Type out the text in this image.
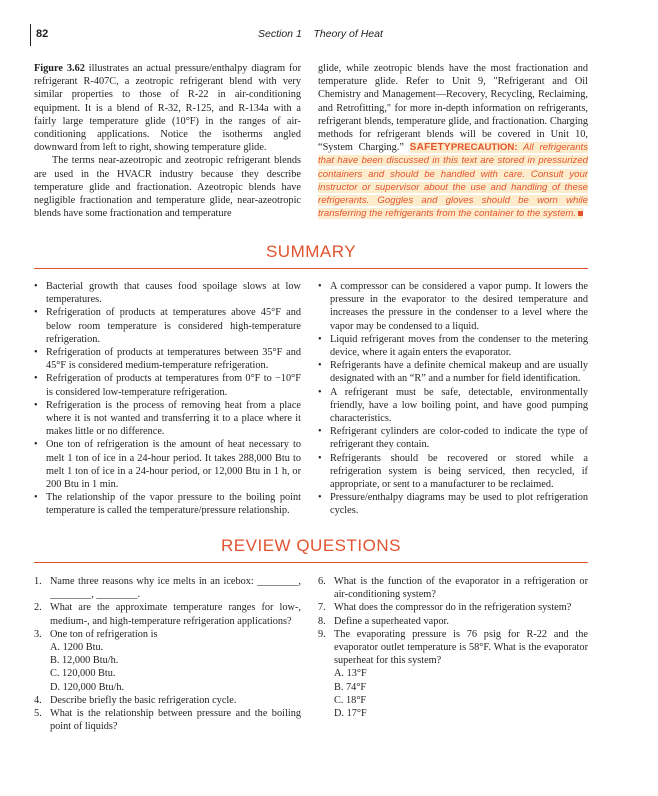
82	Section 1    Theory of Heat

Figure 3.62 illustrates an actual pressure/enthalpy diagram for refrigerant R-407C, a zeotropic refrigerant blend with very similar properties to those of R-22 in air-conditioning equipment. It is a blend of R-32, R-125, and R-134a with a fairly large temperature glide (10°F) in the ranges of air-conditioning applications. Notice the isotherms angled downward from left to right, showing temperature glide.

The terms near-azeotropic and zeotropic refrigerant blends are used in the HVACR industry because they describe temperature glide and fractionation. Azeotropic blends have negligible fractionation and temperature glide, near-azeotropic blends have some fractionation and temperature

glide, while zeotropic blends have the most fractionation and temperature glide. Refer to Unit 9, "Refrigerant and Oil Chemistry and Management—Recovery, Recycling, Reclaiming, and Retrofitting," for more in-depth information on refrigerants, refrigerant blends, temperature glide, and fractionation. Charging methods for refrigerant blends will be covered in Unit 10, “System Charging.” SAFETYPRECAUTION: All refrigerants that have been discussed in this text are stored in pressurized containers and should be handled with care. Consult your instructor or supervisor about the use and handling of these refrigerants. Goggles and gloves should be worn while transferring the refrigerants from the container to the system.

SUMMARY
• Bacterial growth that causes food spoilage slows at low temperatures.
• Refrigeration of products at temperatures above 45°F and below room temperature is considered high-temperature refrigeration.
• Refrigeration of products at temperatures between 35°F and 45°F is considered medium-temperature refrigeration.
• Refrigeration of products at temperatures from 0°F to −10°F is considered low-temperature refrigeration.
• Refrigeration is the process of removing heat from a place where it is not wanted and transferring it to a place where it makes little or no difference.
• One ton of refrigeration is the amount of heat necessary to melt 1 ton of ice in a 24-hour period. It takes 288,000 Btu to melt 1 ton of ice in a 24-hour period, or 12,000 Btu in 1 h, or 200 Btu in 1 min.
• The relationship of the vapor pressure to the boiling point temperature is called the temperature/pressure relationship.
• A compressor can be considered a vapor pump. It lowers the pressure in the evaporator to the desired temperature and increases the pressure in the condenser to a level where the vapor may be condensed to a liquid.
• Liquid refrigerant moves from the condenser to the metering device, where it again enters the evaporator.
• Refrigerants have a definite chemical makeup and are usually designated with an “R” and a number for field identification.
• A refrigerant must be safe, detectable, environmentally friendly, have a low boiling point, and have good pumping characteristics.
• Refrigerant cylinders are color-coded to indicate the type of refrigerant they contain.
• Refrigerants should be recovered or stored while a refrigeration system is being serviced, then recycled, if appropriate, or sent to a manufacturer to be reclaimed.
• Pressure/enthalpy diagrams may be used to plot refrigeration cycles.
REVIEW QUESTIONS
1. Name three reasons why ice melts in an icebox: ________, ________, ________.
2. What are the approximate temperature ranges for low-, medium-, and high-temperature refrigeration applications?
3. One ton of refrigeration is
A. 1200 Btu.
B. 12,000 Btu/h.
C. 120,000 Btu.
D. 120,000 Btu/h.
4. Describe briefly the basic refrigeration cycle.
5. What is the relationship between pressure and the boiling point of liquids?
6. What is the function of the evaporator in a refrigeration or air-conditioning system?
7. What does the compressor do in the refrigeration system?
8. Define a superheated vapor.
9. The evaporating pressure is 76 psig for R-22 and the evaporator outlet temperature is 58°F. What is the evaporator superheat for this system?
A. 13°F
B. 74°F
C. 18°F
D. 17°F
